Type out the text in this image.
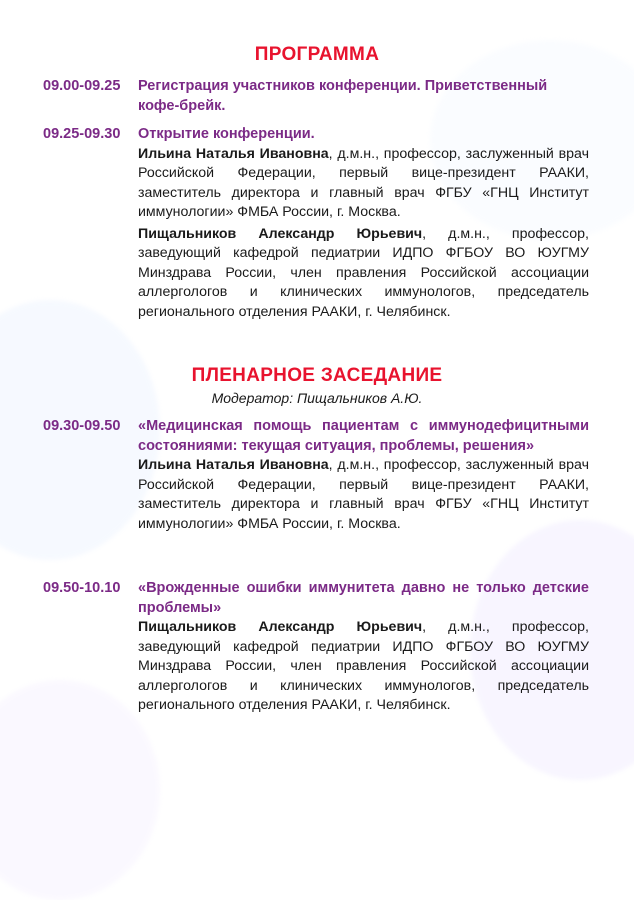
ПРОГРАММА
09.00-09.25 Регистрация участников конференции. Приветственный кофе-брейк.

09.25-09.30 Открытие конференции.

Ильина Наталья Ивановна, д.м.н., профессор, заслуженный врач Российской Федерации, первый вице-президент РААКИ, заместитель директора и главный врач ФГБУ «ГНЦ Институт иммунологии» ФМБА России, г. Москва.

Пищальников Александр Юрьевич, д.м.н., профессор, заведующий кафедрой педиатрии ИДПО ФГБОУ ВО ЮУГМУ Минздрава России, член правления Российской ассоциации аллергологов и клинических иммунологов, председатель регионального отделения РААКИ, г. Челябинск.

ПЛЕНАРНОЕ ЗАСЕДАНИЕ
Модератор: Пищальников А.Ю.
09.30-09.50 «Медицинская помощь пациентам с иммунодефицитными состояниями: текущая ситуация, проблемы, решения»

Ильина Наталья Ивановна, д.м.н., профессор, заслуженный врач Российской Федерации, первый вице-президент РААКИ, заместитель директора и главный врач ФГБУ «ГНЦ Институт иммунологии» ФМБА России, г. Москва.

09.50-10.10 «Врожденные ошибки иммунитета давно не только детские проблемы»

Пищальников Александр Юрьевич, д.м.н., профессор, заведующий кафедрой педиатрии ИДПО ФГБОУ ВО ЮУГМУ Минздрава России, член правления Российской ассоциации аллергологов и клинических иммунологов, председатель регионального отделения РААКИ, г. Челябинск.
